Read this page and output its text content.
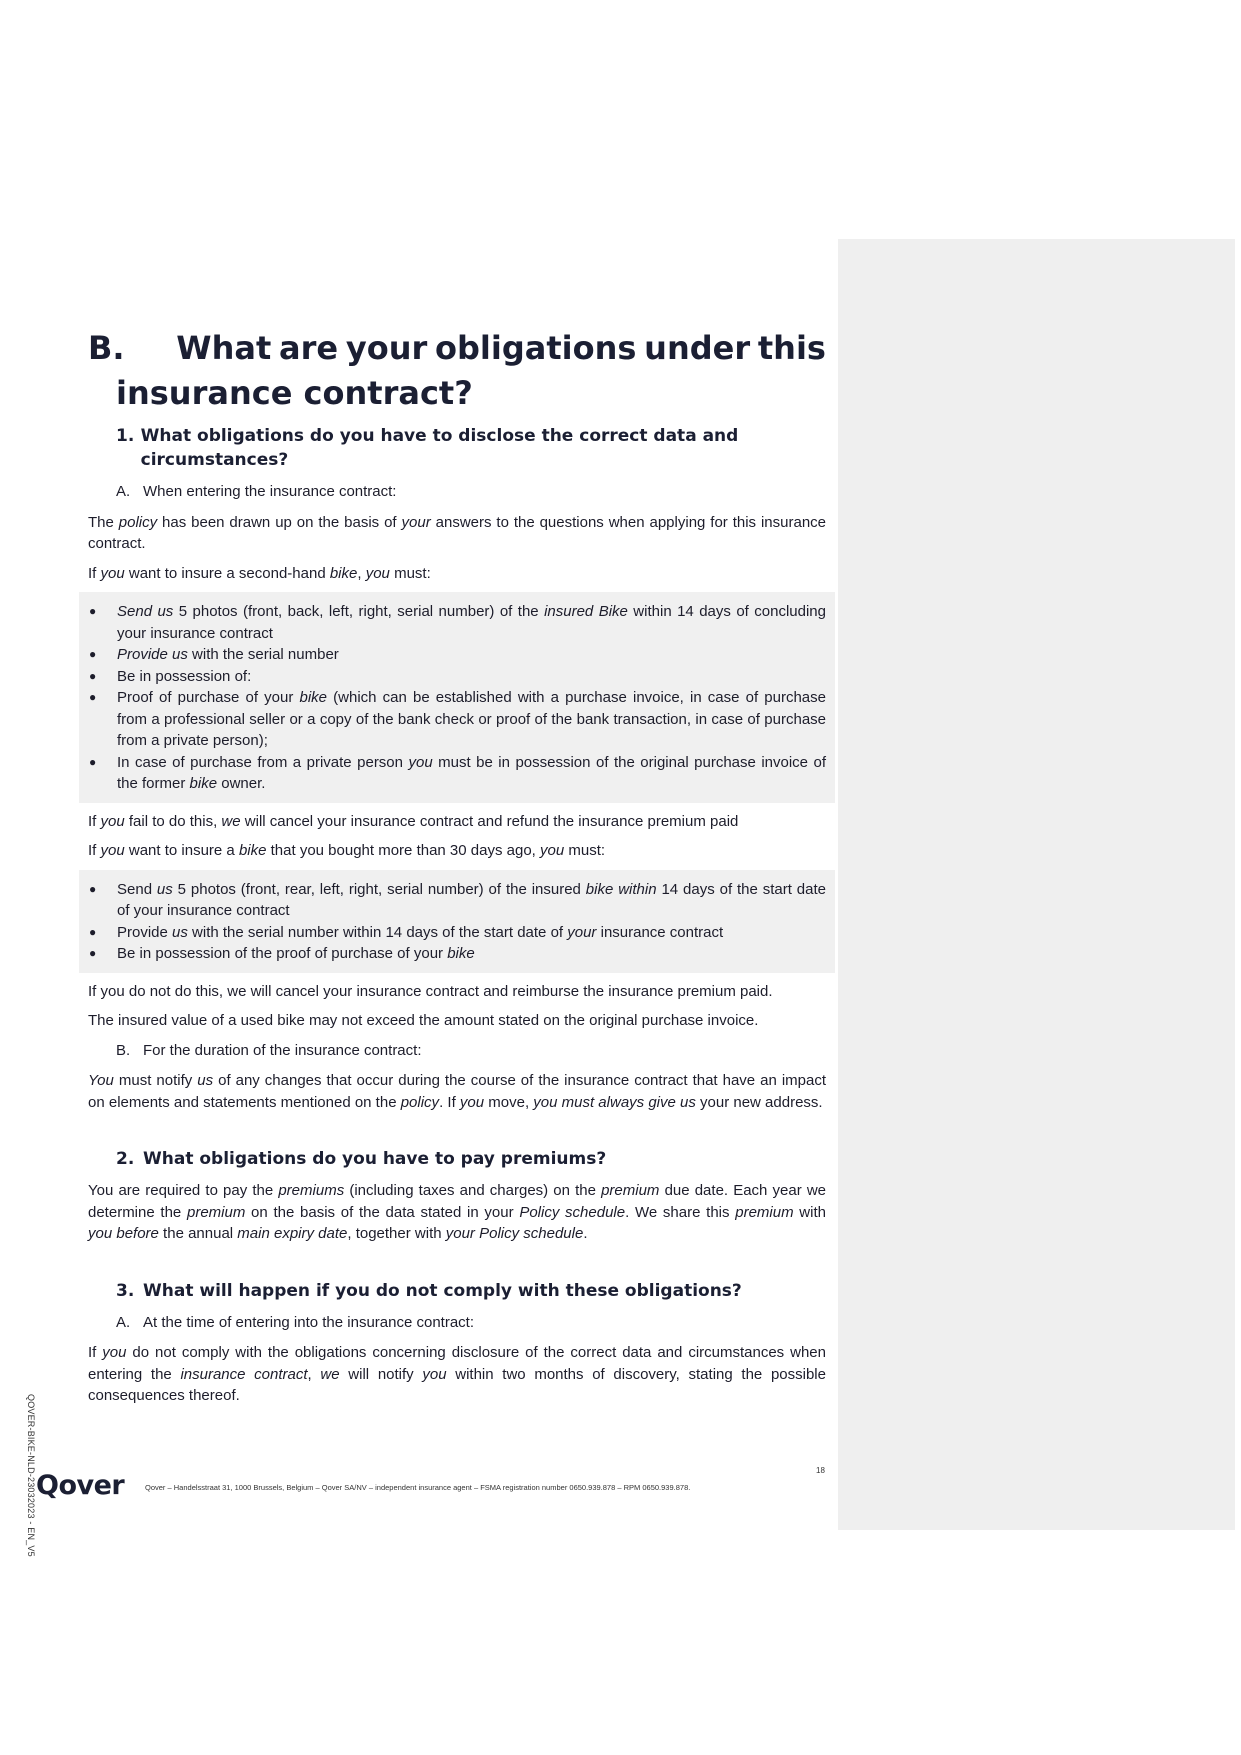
B. What are your obligations under this
insurance contract?
1. What obligations do you have to disclose the correct data and circumstances?
A. When entering the insurance contract:

The policy has been drawn up on the basis of your answers to the questions when applying for this insurance contract.

If you want to insure a second-hand bike, you must:

●	Send us 5 photos (front, back, left, right, serial number) of the insured Bike within 14 days of concluding your insurance contract
●	Provide us with the serial number
●	Be in possession of:
●	Proof of purchase of your bike (which can be established with a purchase invoice, in case of purchase from a professional seller or a copy of the bank check or proof of the bank transaction, in case of purchase from a private person);
●	In case of purchase from a private person you must be in possession of the original purchase invoice of the former bike owner.

If you fail to do this, we will cancel your insurance contract and refund the insurance premium paid

If you want to insure a bike that you bought more than 30 days ago, you must:

●	Send us 5 photos (front, rear, left, right, serial number) of the insured bike within 14 days of the start date of your insurance contract
●	Provide us with the serial number within 14 days of the start date of your insurance contract
●	Be in possession of the proof of purchase of your bike

If you do not do this, we will cancel your insurance contract and reimburse the insurance premium paid.

The insured value of a used bike may not exceed the amount stated on the original purchase invoice.

B. For the duration of the insurance contract:

You must notify us of any changes that occur during the course of the insurance contract that have an impact on elements and statements mentioned on the policy. If you move, you must always give us your new address.

2. What obligations do you have to pay premiums?

You are required to pay the premiums (including taxes and charges) on the premium due date. Each year we determine the premium on the basis of the data stated in your Policy schedule. We share this premium with you before the annual main expiry date, together with your Policy schedule.

3. What will happen if you do not comply with these obligations?
A. At the time of entering into the insurance contract:

If you do not comply with the obligations concerning disclosure of the correct data and circumstances when entering the insurance contract, we will notify you within two months of discovery, stating the possible consequences thereof.

QOVER-BIKE-NLD-23032023 - EN_V5	18
Qover	Qover – Handelsstraat 31, 1000 Brussels, Belgium – Qover SA/NV – independent insurance agent – FSMA registration number 0650.939.878 – RPM 0650.939.878.
